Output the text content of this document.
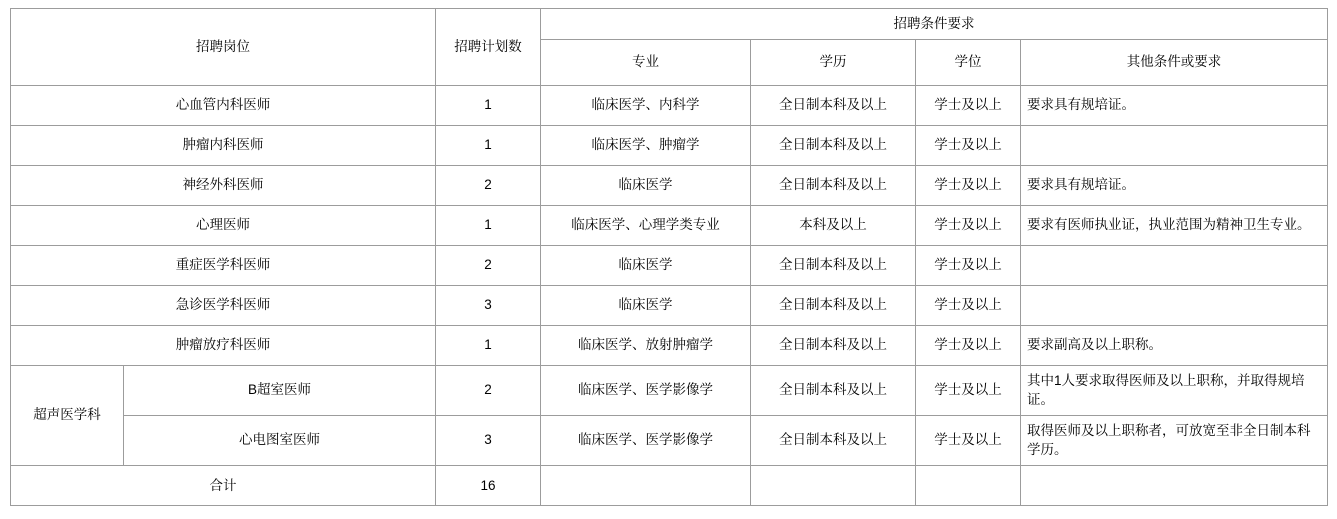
招聘岗位		招聘计划数	招聘条件要求			
			专业	学历	学位	其他条件或要求
心血管内科医师		1	临床医学、内科学	全日制本科及以上	学士及以上	要求具有规培证。
肿瘤内科医师		1	临床医学、肿瘤学	全日制本科及以上	学士及以上	
神经外科医师		2	临床医学	全日制本科及以上	学士及以上	要求具有规培证。
心理医师		1	临床医学、心理学类专业	本科及以上	学士及以上	要求有医师执业证，执业范围为精神卫生专业。
重症医学科医师		2	临床医学	全日制本科及以上	学士及以上	
急诊医学科医师		3	临床医学	全日制本科及以上	学士及以上	
肿瘤放疗科医师		1	临床医学、放射肿瘤学	全日制本科及以上	学士及以上	要求副高及以上职称。
超声医学科	B超室医师	2	临床医学、医学影像学	全日制本科及以上	学士及以上	其中1人要求取得医师及以上职称，并取得规培证。
	心电图室医师	3	临床医学、医学影像学	全日制本科及以上	学士及以上	取得医师及以上职称者，可放宽至非全日制本科学历。
合计		16				
